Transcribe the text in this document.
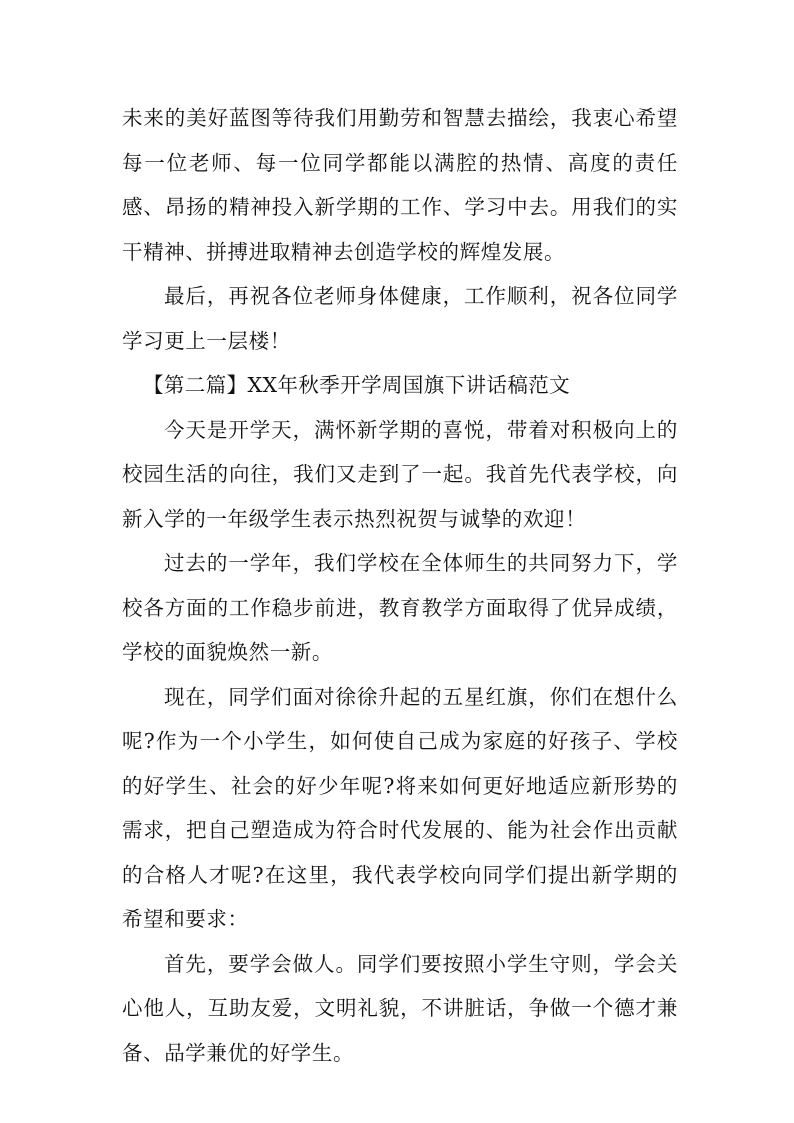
未来的美好蓝图等待我们用勤劳和智慧去描绘，我衷心希望每一位老师、每一位同学都能以满腔的热情、高度的责任感、昂扬的精神投入新学期的工作、学习中去。用我们的实干精神、拼搏进取精神去创造学校的辉煌发展。

最后，再祝各位老师身体健康，工作顺利，祝各位同学学习更上一层楼！

【第二篇】XX年秋季开学周国旗下讲话稿范文

今天是开学天，满怀新学期的喜悦，带着对积极向上的校园生活的向往，我们又走到了一起。我首先代表学校，向新入学的一年级学生表示热烈祝贺与诚挚的欢迎！

过去的一学年，我们学校在全体师生的共同努力下，学校各方面的工作稳步前进，教育教学方面取得了优异成绩，学校的面貌焕然一新。

现在，同学们面对徐徐升起的五星红旗，你们在想什么呢?作为一个小学生，如何使自己成为家庭的好孩子、学校的好学生、社会的好少年呢?将来如何更好地适应新形势的需求，把自己塑造成为符合时代发展的、能为社会作出贡献的合格人才呢?在这里，我代表学校向同学们提出新学期的希望和要求：

首先，要学会做人。同学们要按照小学生守则，学会关心他人，互助友爱，文明礼貌，不讲脏话，争做一个德才兼备、品学兼优的好学生。
